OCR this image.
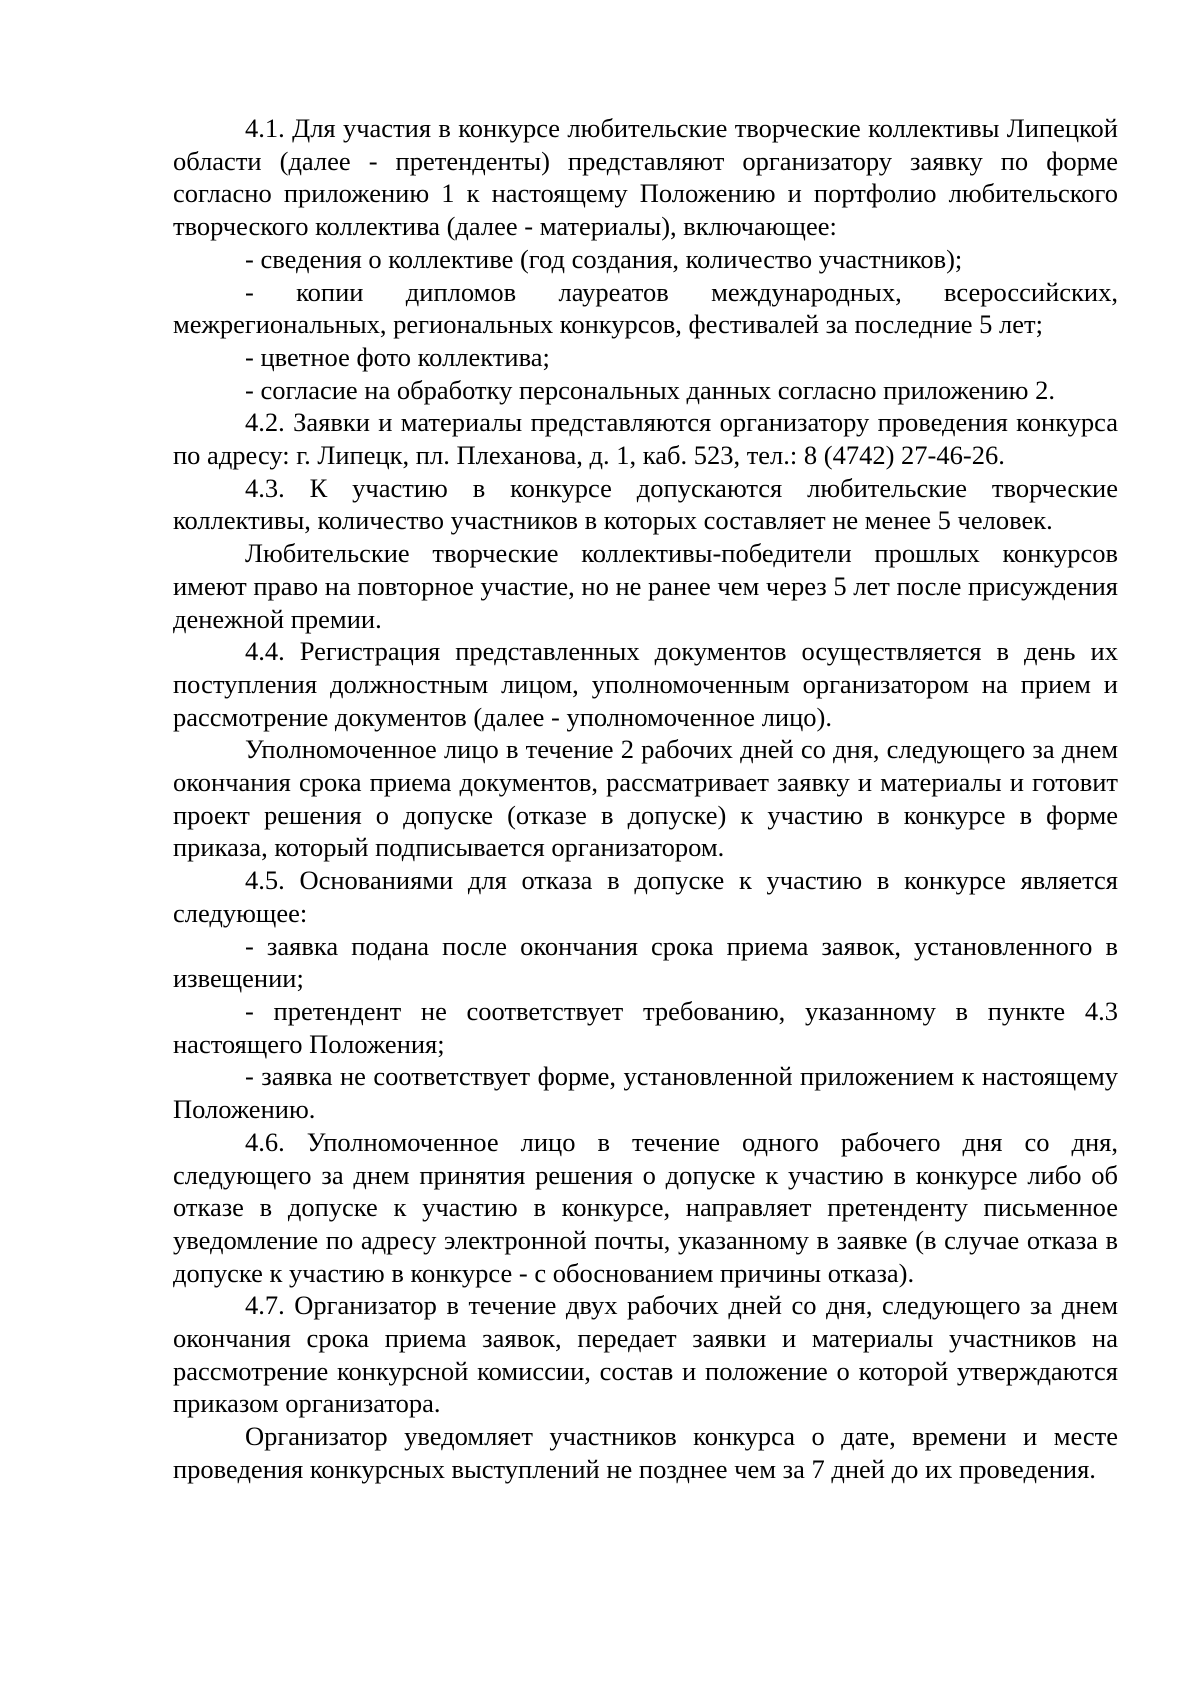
4.1. Для участия в конкурсе любительские творческие коллективы Липецкой области (далее - претенденты) представляют организатору заявку по форме согласно приложению 1 к настоящему Положению и портфолио любительского творческого коллектива (далее - материалы), включающее:

- сведения о коллективе (год создания, количество участников);

- копии дипломов лауреатов международных, всероссийских, межрегиональных, региональных конкурсов, фестивалей за последние 5 лет;

- цветное фото коллектива;

- согласие на обработку персональных данных согласно приложению 2.

4.2. Заявки и материалы представляются организатору проведения конкурса по адресу: г. Липецк, пл. Плеханова, д. 1, каб. 523, тел.: 8 (4742) 27-46-26.

4.3. К участию в конкурсе допускаются любительские творческие коллективы, количество участников в которых составляет не менее 5 человек.

Любительские творческие коллективы-победители прошлых конкурсов имеют право на повторное участие, но не ранее чем через 5 лет после присуждения денежной премии.

4.4. Регистрация представленных документов осуществляется в день их поступления должностным лицом, уполномоченным организатором на прием и рассмотрение документов (далее - уполномоченное лицо).

Уполномоченное лицо в течение 2 рабочих дней со дня, следующего за днем окончания срока приема документов, рассматривает заявку и материалы и готовит проект решения о допуске (отказе в допуске) к участию в конкурсе в форме приказа, который подписывается организатором.

4.5. Основаниями для отказа в допуске к участию в конкурсе является следующее:

- заявка подана после окончания срока приема заявок, установленного в извещении;

- претендент не соответствует требованию, указанному в пункте 4.3 настоящего Положения;

- заявка не соответствует форме, установленной приложением к настоящему Положению.

4.6. Уполномоченное лицо в течение одного рабочего дня со дня, следующего за днем принятия решения о допуске к участию в конкурсе либо об отказе в допуске к участию в конкурсе, направляет претенденту письменное уведомление по адресу электронной почты, указанному в заявке (в случае отказа в допуске к участию в конкурсе - с обоснованием причины отказа).

4.7. Организатор в течение двух рабочих дней со дня, следующего за днем окончания срока приема заявок, передает заявки и материалы участников на рассмотрение конкурсной комиссии, состав и положение о которой утверждаются приказом организатора.

Организатор уведомляет участников конкурса о дате, времени и месте проведения конкурсных выступлений не позднее чем за 7 дней до их проведения.
